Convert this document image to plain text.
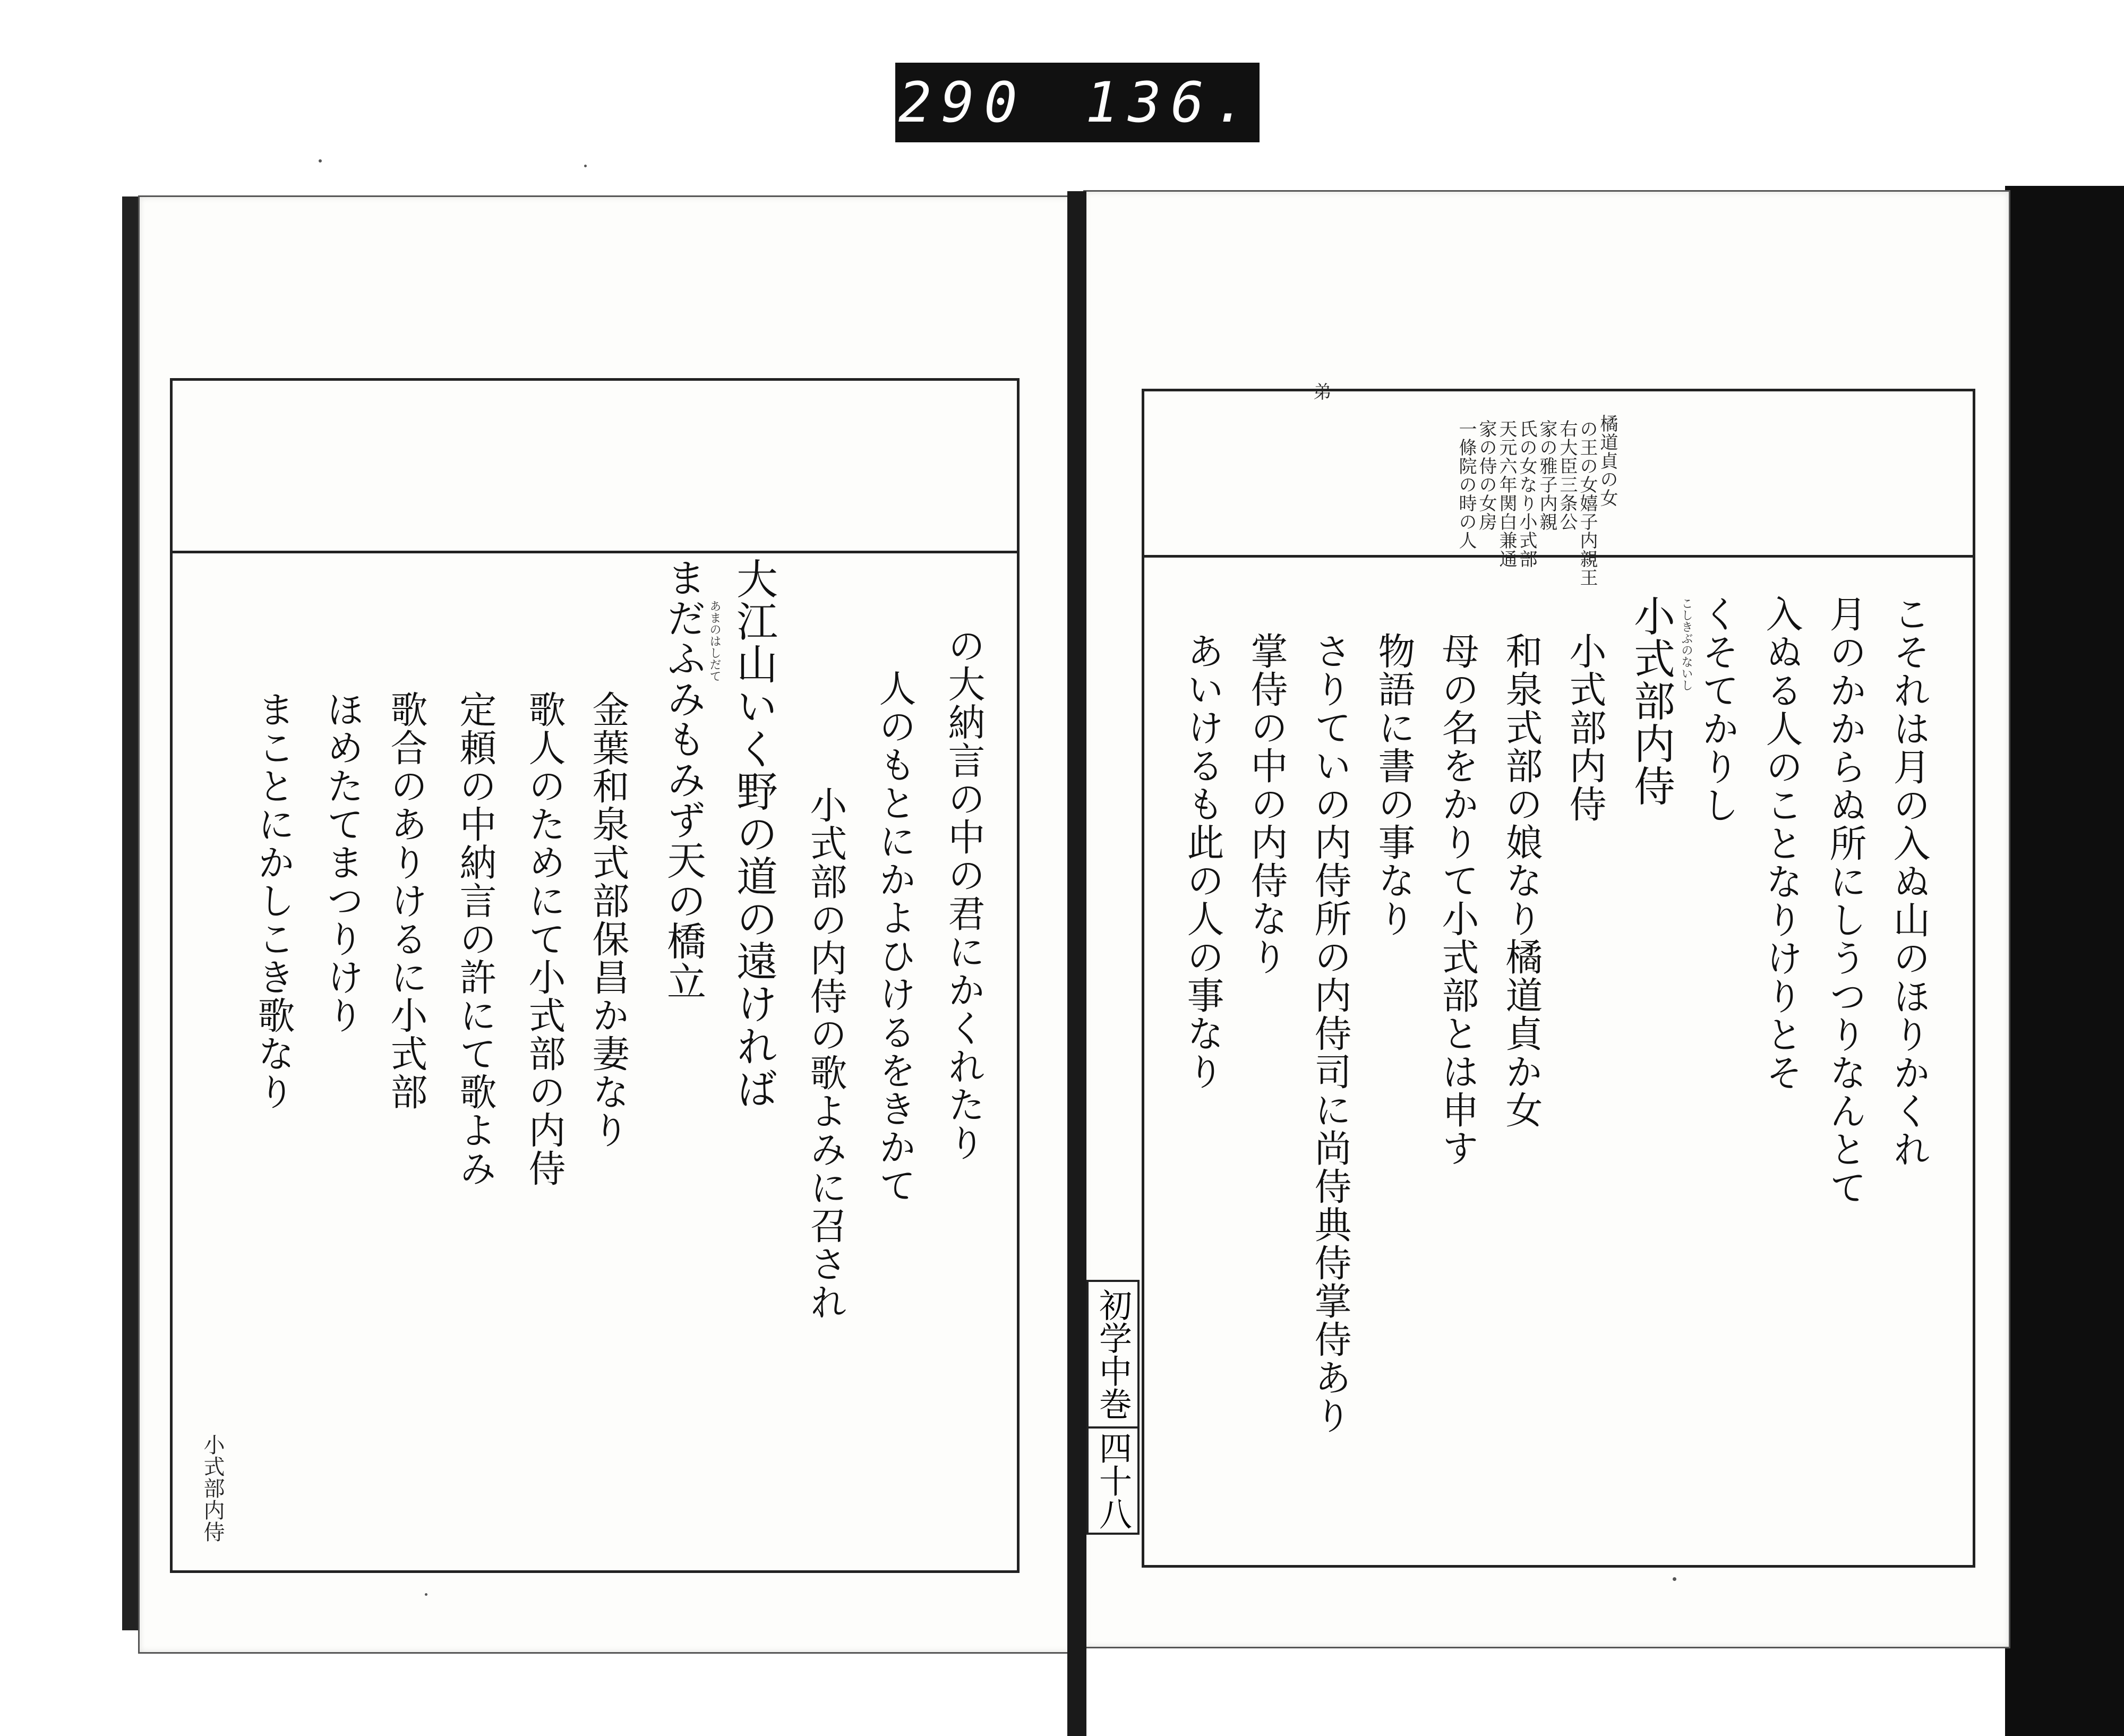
290 136.
橘道貞の女
の王の女嬉子内親王
右大臣三条公
家の雅子内親
氏の女なり小式部
天元六年関白兼通
家の侍の女房
一條院の時の人
弟
こそれは月の入ぬ山のほりかくれ
月のかからぬ所にしうつりなんとて
入ぬる人のことなりけりとそ
くそてかりし
小式部内侍 こしきぶのないし
小式部内侍
和泉式部の娘なり橘道貞か女
母の名をかりて小式部とは申す
物語に書の事なり
さりていの内侍所の内侍司に尚侍典侍掌侍あり
掌侍の中の内侍なり
あいけるも此の人の事なり
初学中巻
四十八
の大納言の中の君にかくれたり
人のもとにかよひけるをきかて
小式部の内侍の歌よみに召され
大江山いく野の道の遠ければ
まだふみもみず天の橋立 あまのはしだて
金葉和泉式部保昌か妻なり
歌人のためにて小式部の内侍
定頼の中納言の許にて歌よみ
歌合のありけるに小式部
ほめたてまつりけり
まことにかしこき歌なり
小式部内侍
